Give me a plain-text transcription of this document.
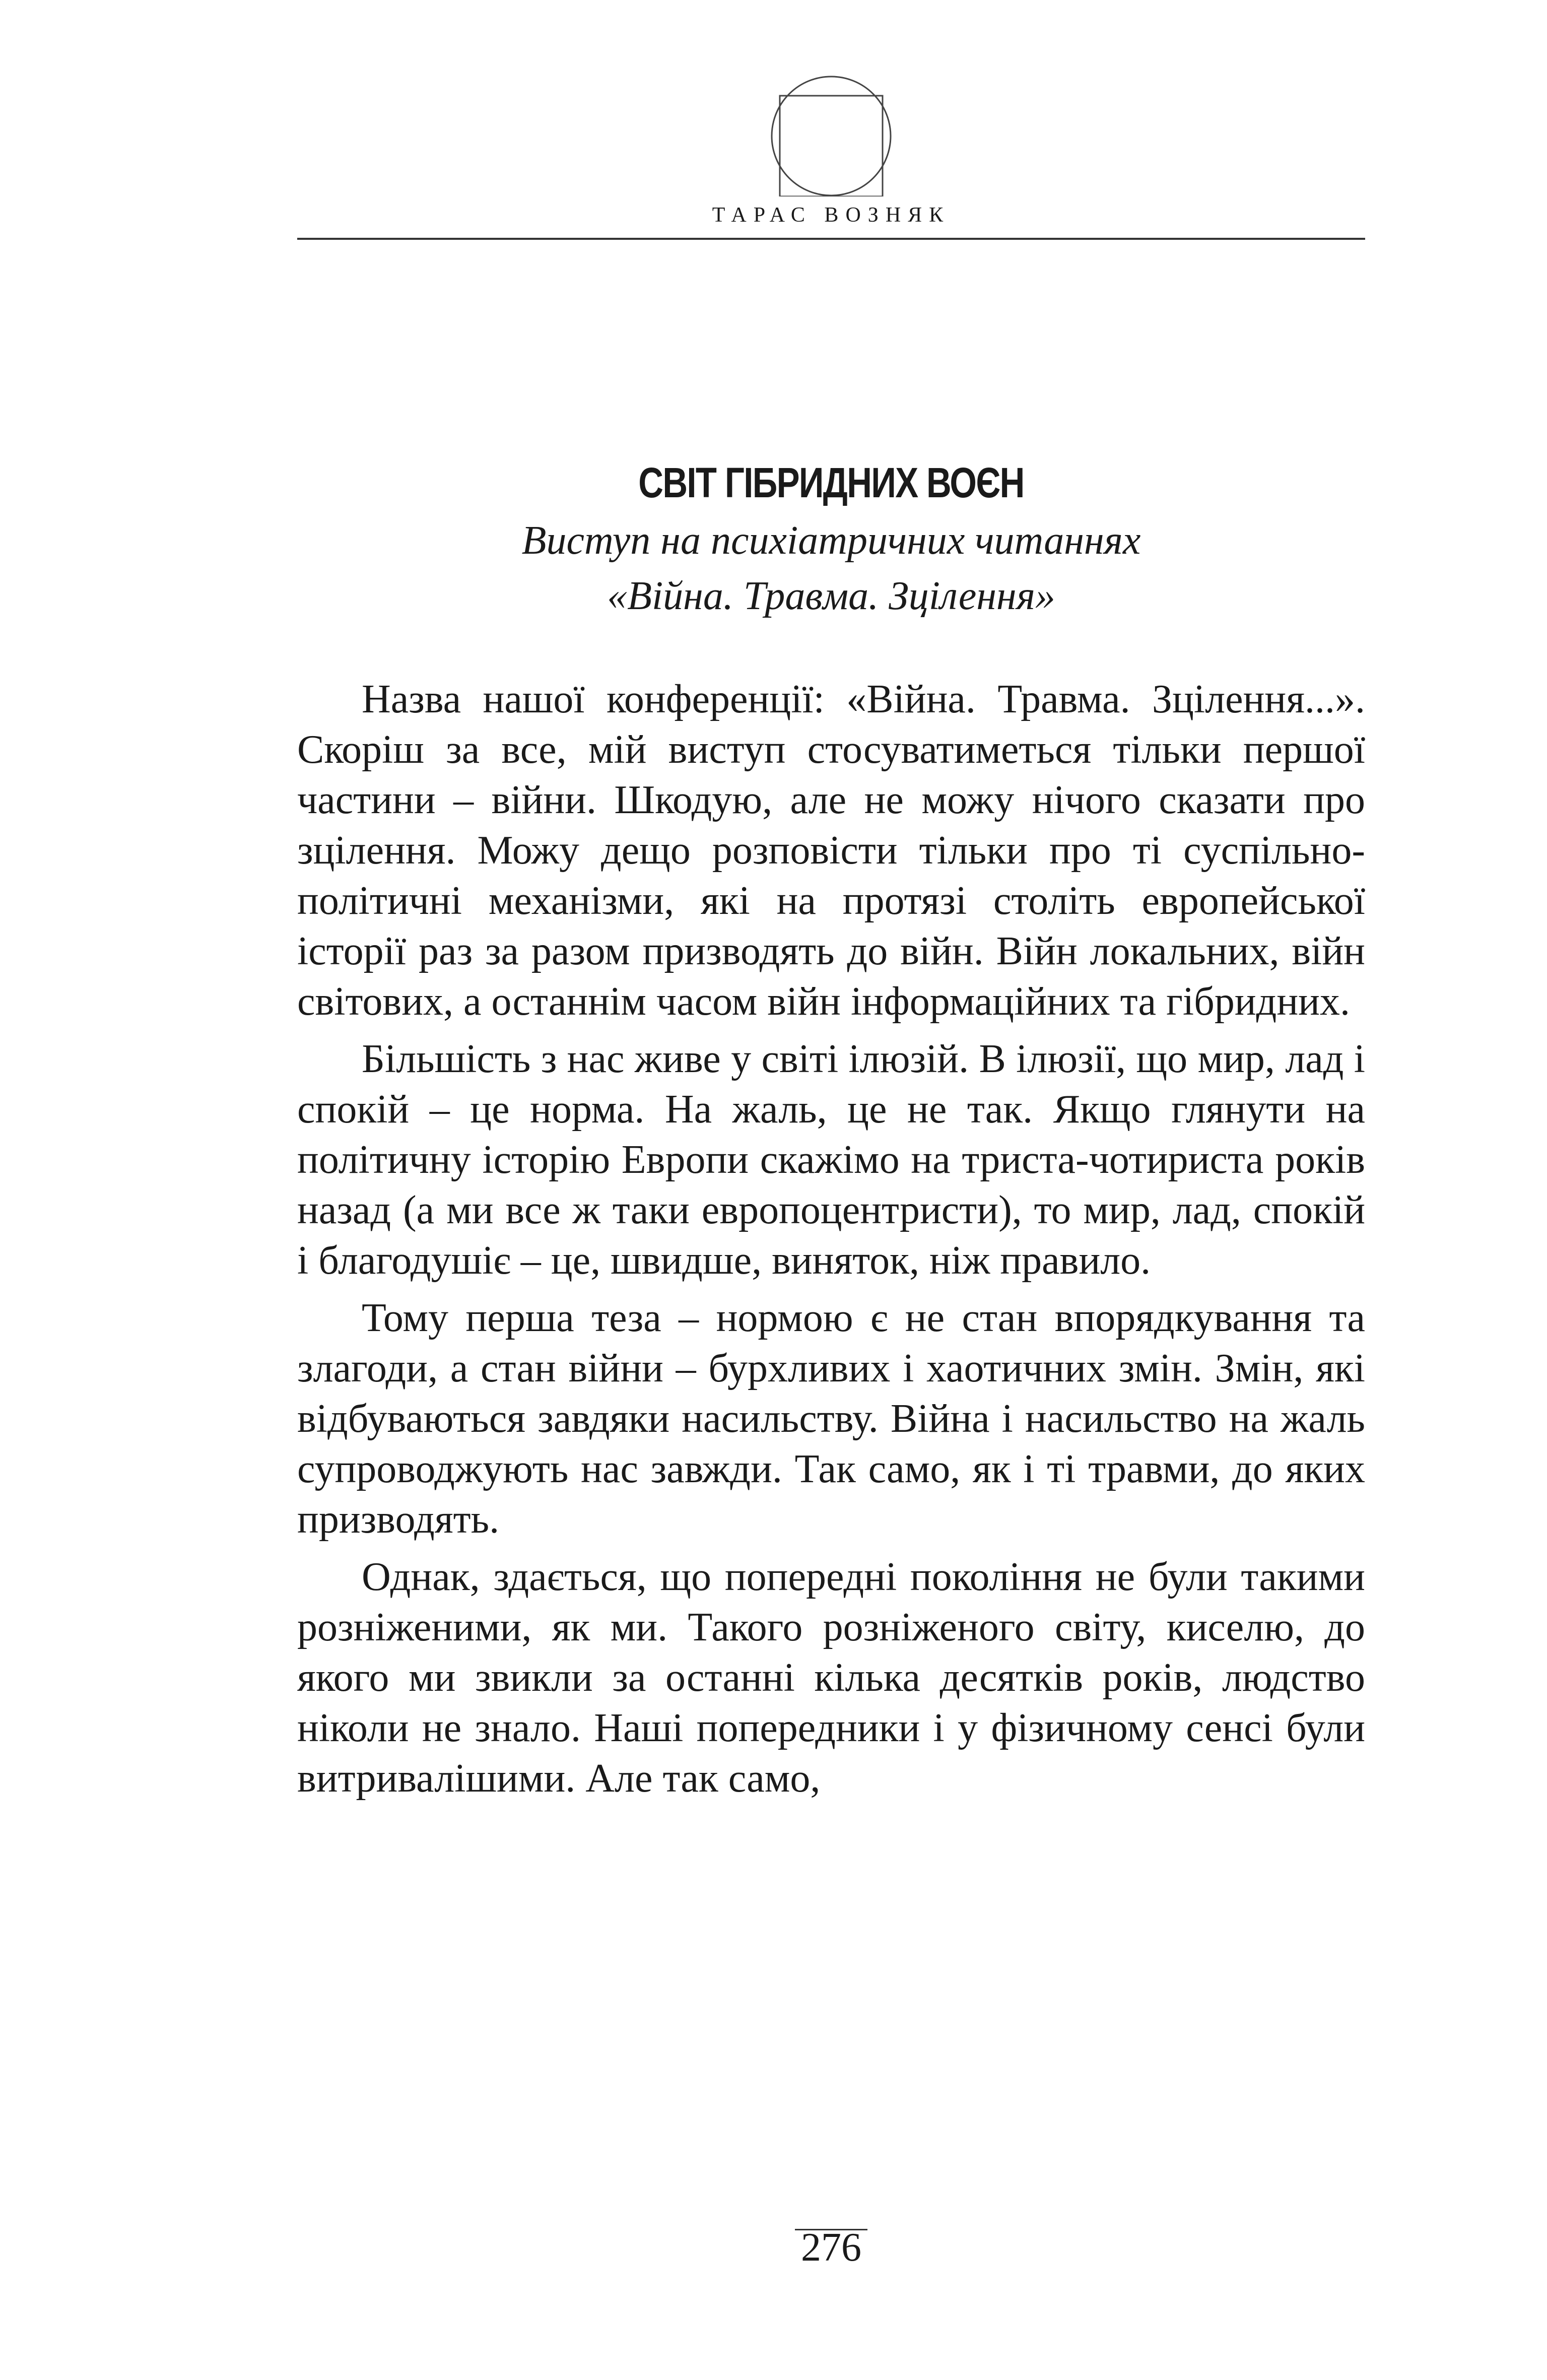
ТАРАС ВОЗНЯК
СВІТ ГІБРИДНИХ ВОЄН
Виступ на психіатричних читаннях
«Війна. Травма. Зцілення»

Назва нашої конференції: «Війна. Травма. Зцілення...». Скоріш за все, мій виступ стосуватиметься тільки першої частини – війни. Шкодую, але не можу нічого сказати про зцілення. Можу дещо розповісти тільки про ті суспільно-політичні механізми, які на протязі століть европейської історії раз за разом призводять до війн. Війн локальних, війн світових, а останнім часом війн інформаційних та гібридних.

Більшість з нас живе у світі ілюзій. В ілюзії, що мир, лад і спокій – це норма. На жаль, це не так. Якщо глянути на політичну історію Европи скажімо на триста-чотириста років назад (а ми все ж таки европоцентристи), то мир, лад, спокій і благодушіє – це, швидше, виняток, ніж правило.

Тому перша теза – нормою є не стан впорядкування та злагоди, а стан війни – бурхливих і хаотичних змін. Змін, які відбуваються завдяки насильству. Війна і насильство на жаль супроводжують нас завжди. Так само, як і ті травми, до яких призводять.

Однак, здається, що попередні покоління не були такими розніженими, як ми. Такого розніженого світу, киселю, до якого ми звикли за останні кілька десятків років, людство ніколи не знало. Наші попередники і у фізичному сенсі були витривалішими. Але так само,

276
